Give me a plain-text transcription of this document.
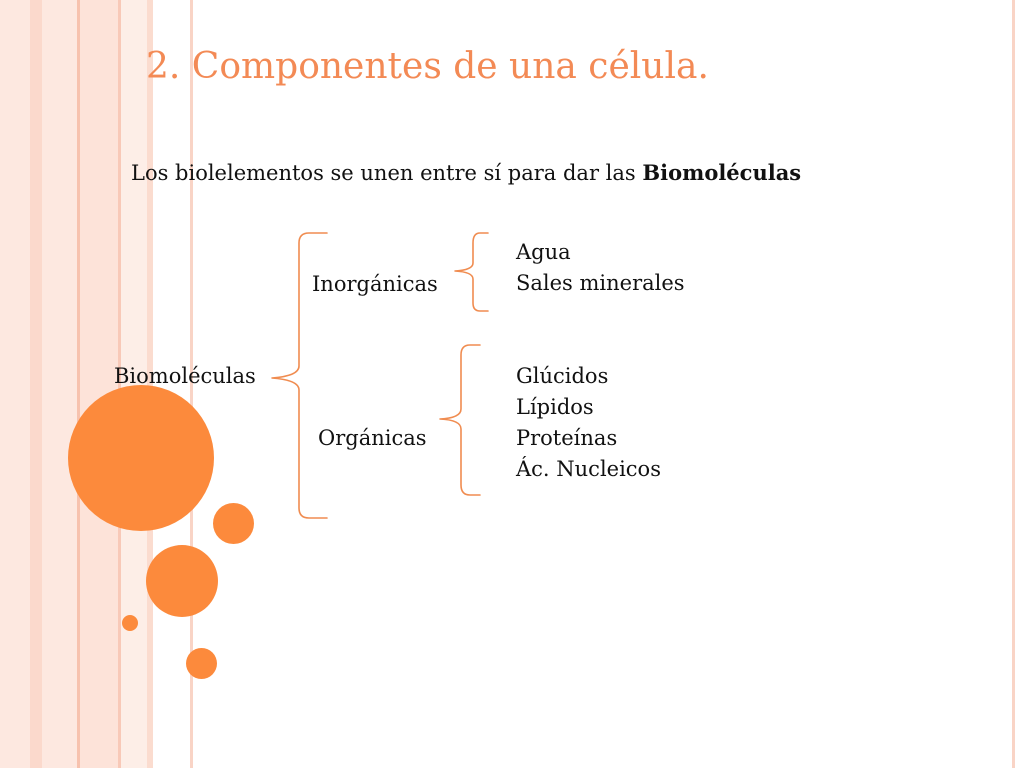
2. Componentes de una célula.
Los biolelementos se unen entre sí para dar las Biomoléculas
Biomoléculas
Inorgánicas
Orgánicas
Agua
Sales minerales
Glúcidos
Lípidos
Proteínas
Ác. Nucleicos
